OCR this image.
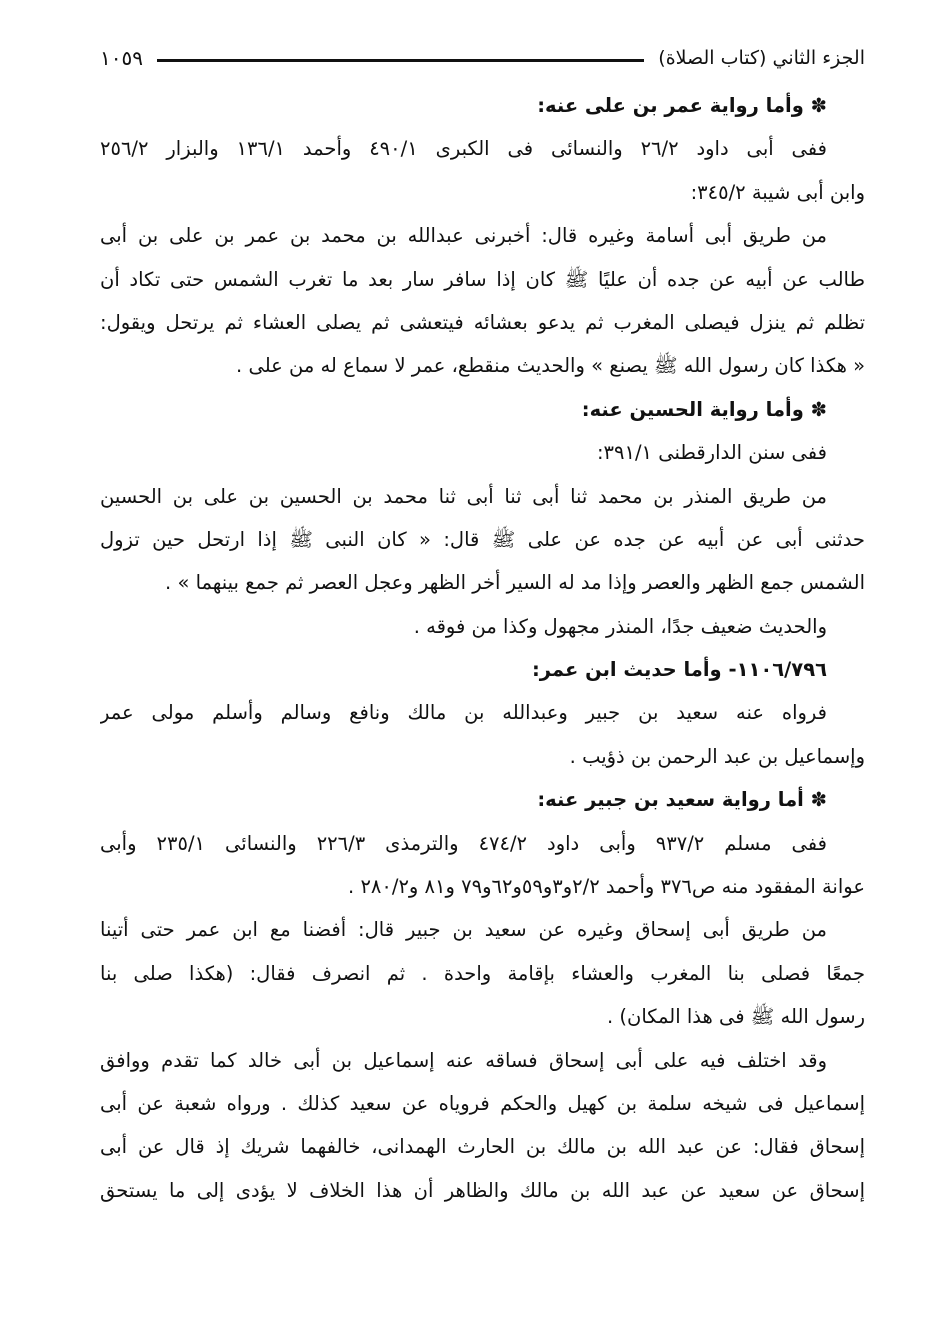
الجزء الثاني (كتاب الصلاة)
١٠٥٩
✽ وأما رواية عمر بن على عنه:
ففى أبى داود ٢٦/٢ والنسائى فى الكبرى ٤٩٠/١ وأحمد ١٣٦/١ والبزار ٢٥٦/٢
وابن أبى شيبة ٣٤٥/٢:
من طريق أبى أسامة وغيره قال: أخبرنى عبدالله بن محمد بن عمر بن على بن أبى
طالب عن أبيه عن جده أن عليًا ﷺ كان إذا سافر سار بعد ما تغرب الشمس حتى تكاد أن
تظلم ثم ينزل فيصلى المغرب ثم يدعو بعشائه فيتعشى ثم يصلى العشاء ثم يرتحل ويقول:
« هكذا كان رسول الله ﷺ يصنع » والحديث منقطع، عمر لا سماع له من على .
✽ وأما رواية الحسين عنه:
ففى سنن الدارقطنى ٣٩١/١:
من طريق المنذر بن محمد ثنا أبى ثنا أبى ثنا محمد بن الحسين بن على بن الحسين
حدثنى أبى عن أبيه عن جده عن على ﷺ قال: « كان النبى ﷺ إذا ارتحل حين تزول
الشمس جمع الظهر والعصر وإذا مد له السير أخر الظهر وعجل العصر ثم جمع بينهما » .
والحديث ضعيف جدًا، المنذر مجهول وكذا من فوقه .
١١٠٦/٧٩٦- وأما حديث ابن عمر:
فرواه عنه سعيد بن جبير وعبدالله بن مالك ونافع وسالم وأسلم مولى عمر
وإسماعيل بن عبد الرحمن بن ذؤيب .
✽ أما رواية سعيد بن جبير عنه:
ففى مسلم ٩٣٧/٢ وأبى داود ٤٧٤/٢ والترمذى ٢٢٦/٣ والنسائى ٢٣٥/١ وأبى
عوانة المفقود منه ص٣٧٦ وأحمد ٢/٢و٣و٥٩و٦٢و٧٩ و٨١ و٢٨٠/٢ .
من طريق أبى إسحاق وغيره عن سعيد بن جبير قال: أفضنا مع ابن عمر حتى أتينا
جمعًا فصلى بنا المغرب والعشاء بإقامة واحدة . ثم انصرف فقال: (هكذا صلى بنا
رسول الله ﷺ فى هذا المكان) .
وقد اختلف فيه على أبى إسحاق فساقه عنه إسماعيل بن أبى خالد كما تقدم ووافق
إسماعيل فى شيخه سلمة بن كهيل والحكم فروياه عن سعيد كذلك . ورواه شعبة عن أبى
إسحاق فقال: عن عبد الله بن مالك بن الحارث الهمدانى، خالفهما شريك إذ قال عن أبى
إسحاق عن سعيد عن عبد الله بن مالك والظاهر أن هذا الخلاف لا يؤدى إلى ما يستحق
